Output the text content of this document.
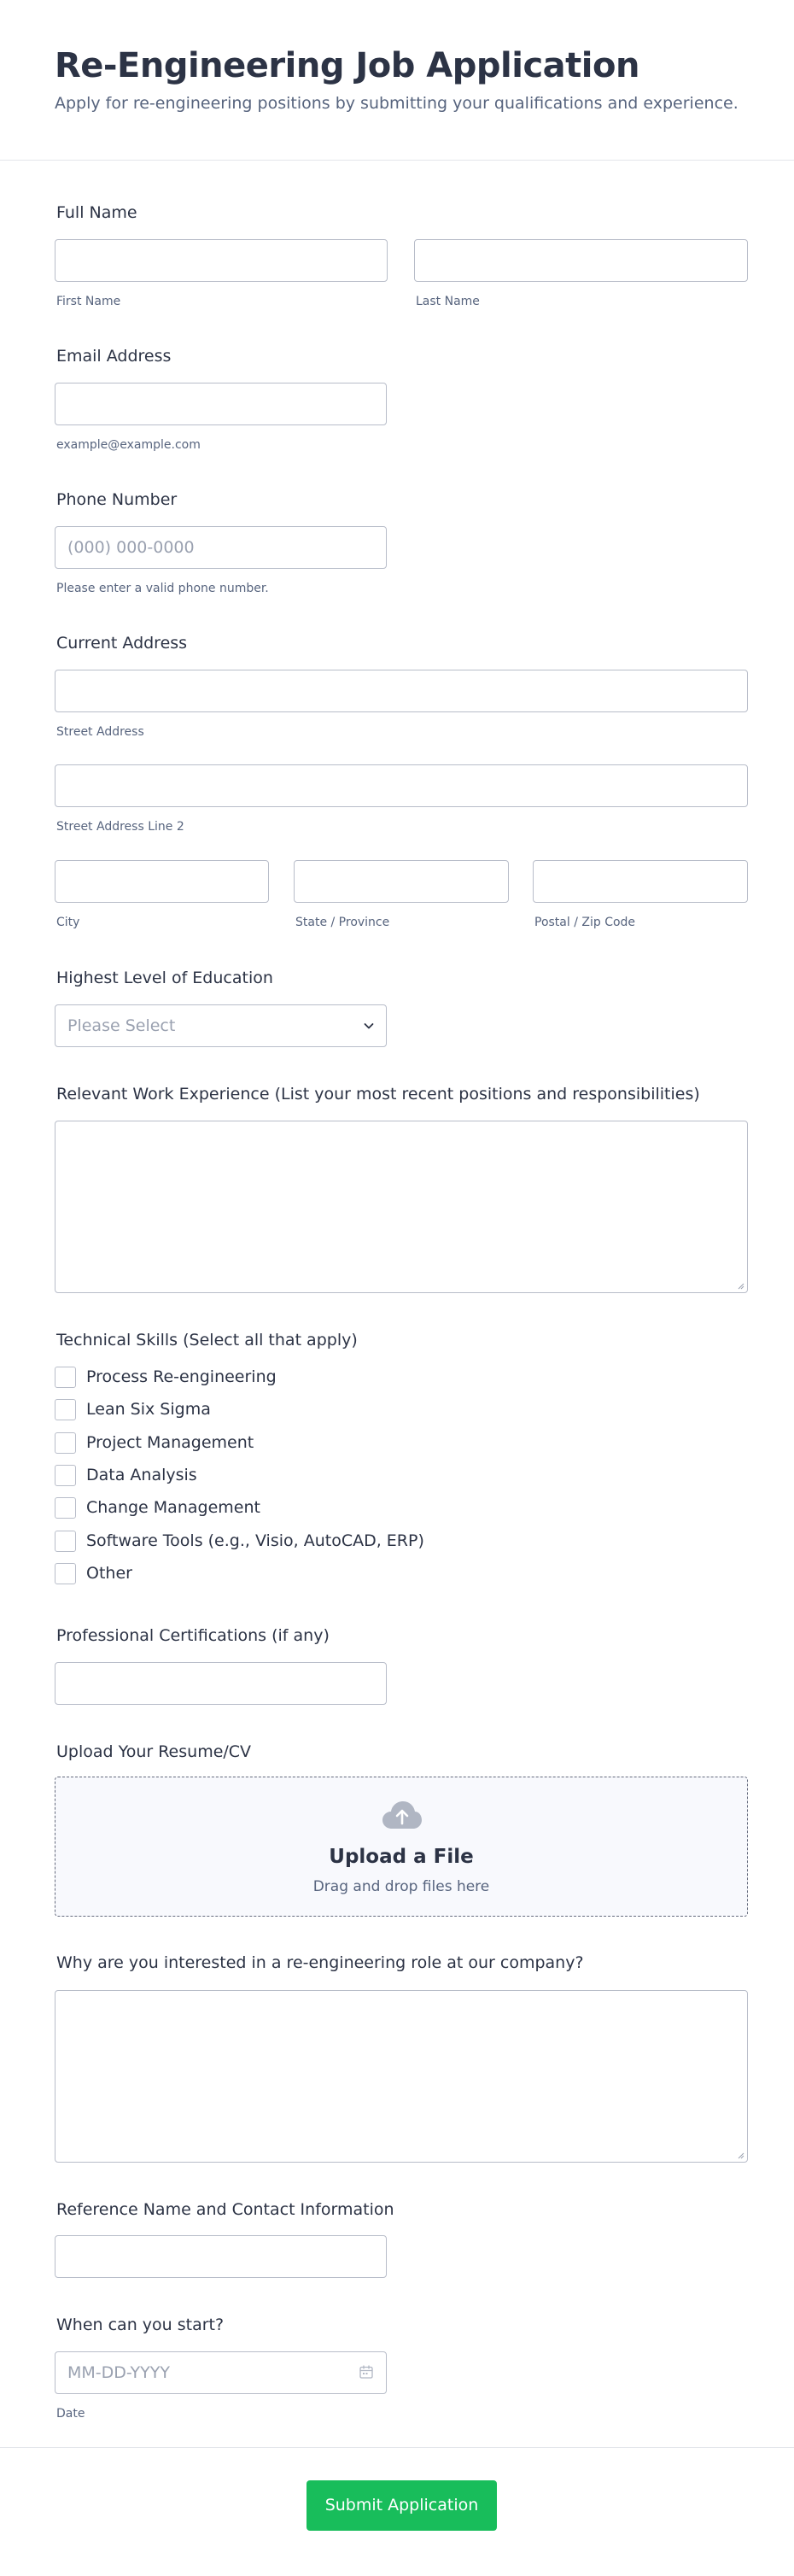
Re-Engineering Job Application
Apply for re-engineering positions by submitting your qualifications and experience.
Full Name
First Name	Last Name
Email Address
example@example.com
Phone Number
(000) 000-0000
Please enter a valid phone number.
Current Address
Street Address
Street Address Line 2
City	State / Province	Postal / Zip Code
Highest Level of Education
Please Select
Relevant Work Experience (List your most recent positions and responsibilities)
Technical Skills (Select all that apply)
Process Re-engineering
Lean Six Sigma
Project Management
Data Analysis
Change Management
Software Tools (e.g., Visio, AutoCAD, ERP)
Other
Professional Certifications (if any)
Upload Your Resume/CV
Upload a File
Drag and drop files here
Why are you interested in a re-engineering role at our company?
Reference Name and Contact Information
When can you start?
MM-DD-YYYY
Date
Submit Application
